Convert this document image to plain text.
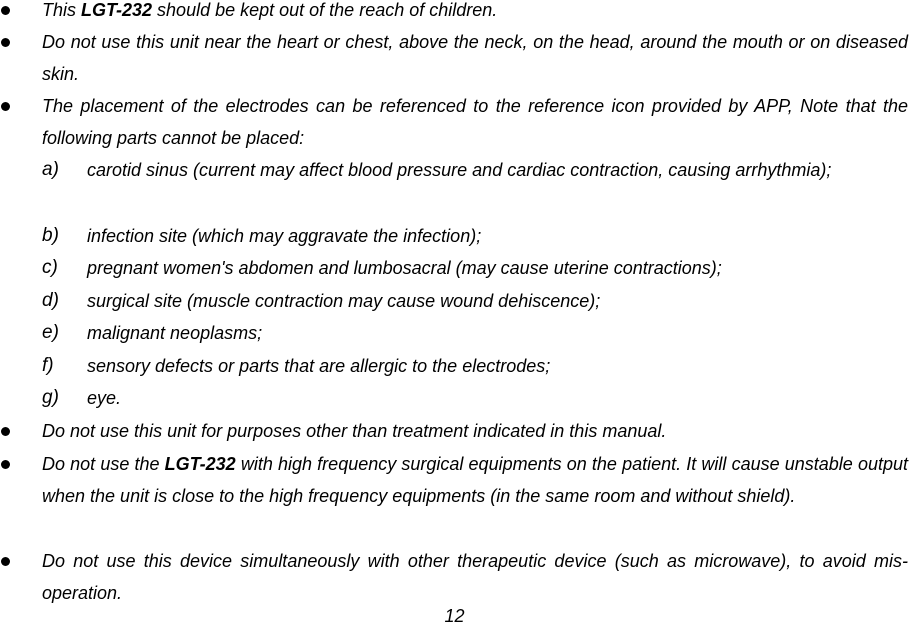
This LGT-232 should be kept out of the reach of children.

Do not use this unit near the heart or chest, above the neck, on the head, around the mouth or on diseased skin.

The placement of the electrodes can be referenced to the reference icon provided by APP, Note that the following parts cannot be placed:

a)	carotid sinus (current may affect blood pressure and cardiac contraction, causing arrhythmia);

b)	infection site (which may aggravate the infection);

c)	pregnant women's abdomen and lumbosacral (may cause uterine contractions);

d)	surgical site (muscle contraction may cause wound dehiscence);

e)	malignant neoplasms;

f)	sensory defects or parts that are allergic to the electrodes;

g)	eye.

Do not use this unit for purposes other than treatment indicated in this manual.

Do not use the LGT-232 with high frequency surgical equipments on the patient. It will cause unstable output when the unit is close to the high frequency equipments (in the same room and without shield).

Do not use this device simultaneously with other therapeutic device (such as microwave), to avoid mis-operation.

12
